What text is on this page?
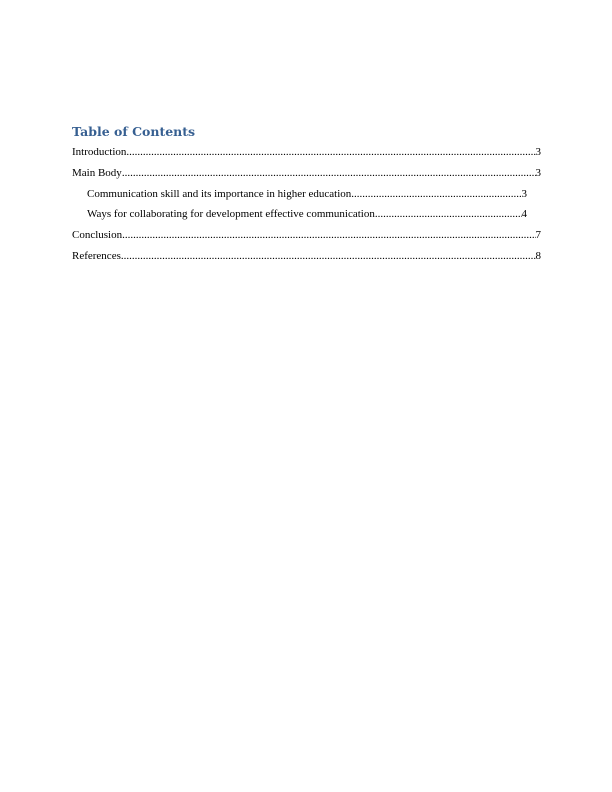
Table of Contents
Introduction .....	3
Main Body .....	3
Communication skill and its importance in higher education .....	3
Ways for collaborating for development effective communication .....	4
Conclusion .....	7
References .....	8
